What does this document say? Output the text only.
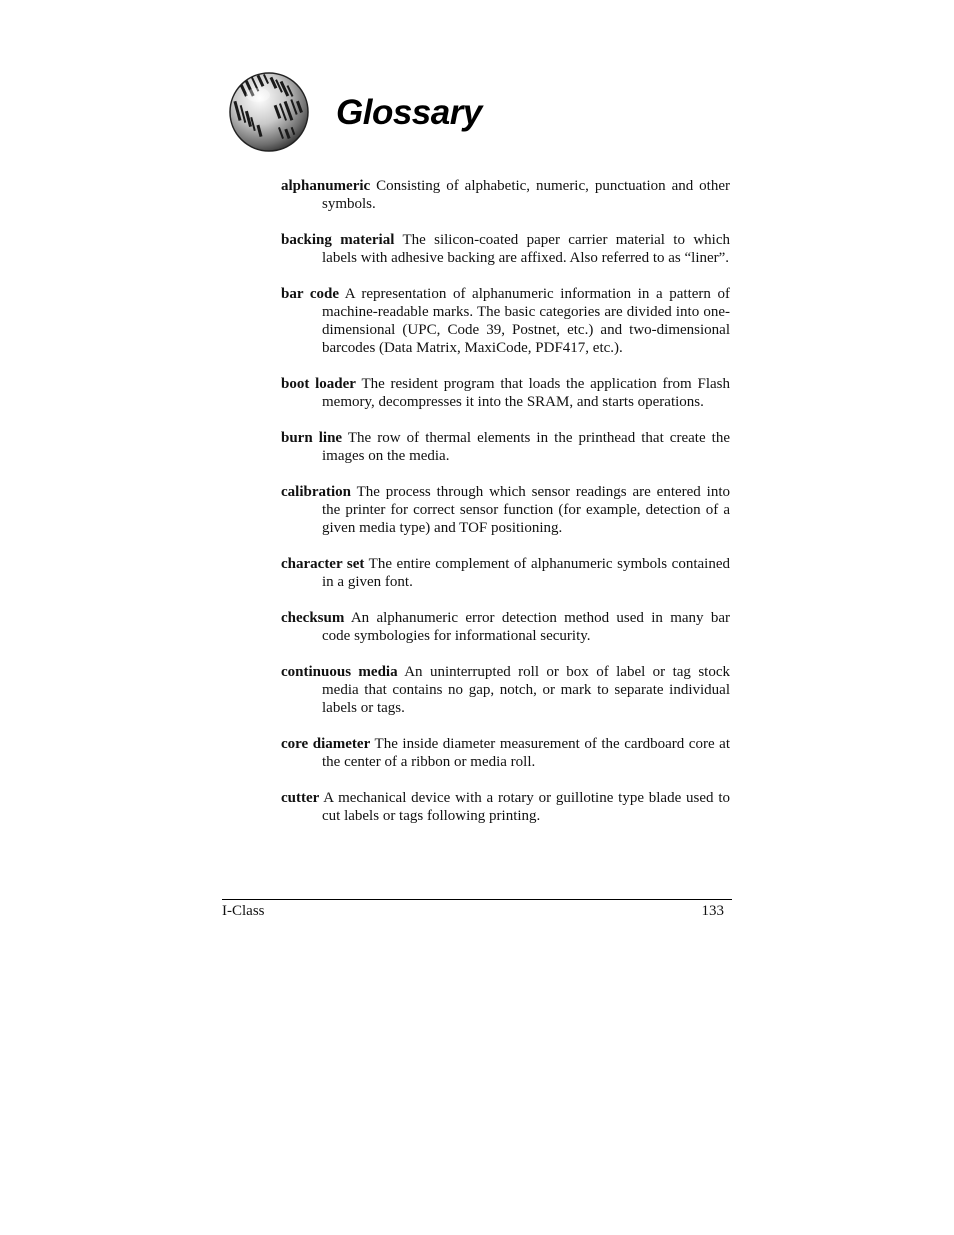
Glossary

alphanumeric Consisting of alphabetic, numeric, punctuation and other symbols.

backing material The silicon-coated paper carrier material to which labels with adhesive backing are affixed. Also referred to as “liner”.

bar code A representation of alphanumeric information in a pattern of machine-readable marks. The basic categories are divided into one-dimensional (UPC, Code 39, Postnet, etc.) and two-dimensional barcodes (Data Matrix, MaxiCode, PDF417, etc.).

boot loader The resident program that loads the application from Flash memory, decompresses it into the SRAM, and starts operations.

burn line The row of thermal elements in the printhead that create the images on the media.

calibration The process through which sensor readings are entered into the printer for correct sensor function (for example, detection of a given media type) and TOF positioning.

character set The entire complement of alphanumeric symbols contained in a given font.

checksum An alphanumeric error detection method used in many bar code symbologies for informational security.

continuous media An uninterrupted roll or box of label or tag stock media that contains no gap, notch, or mark to separate individual labels or tags.

core diameter The inside diameter measurement of the cardboard core at the center of a ribbon or media roll.

cutter A mechanical device with a rotary or guillotine type blade used to cut labels or tags following printing.

I-Class	133
